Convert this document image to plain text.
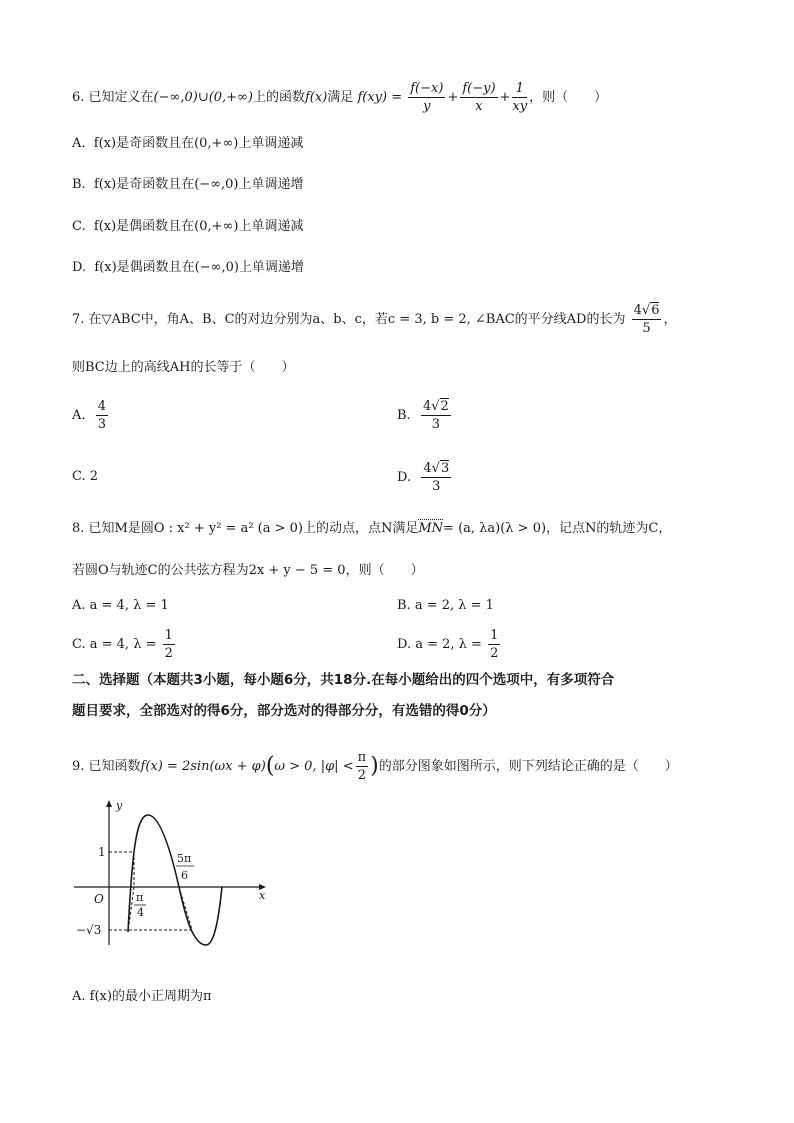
6. 已知定义在(−∞,0)∪(0,+∞)上的函数f(x)满足 $f(xy) = \frac{f(-x)}{y} + \frac{f(-y)}{x} + \frac{1}{xy}$ ，则（　　）
A. f(x)是奇函数且在(0,+∞)上单调递减
B. f(x)是奇函数且在(−∞,0)上单调递增
C. f(x)是偶函数且在(0,+∞)上单调递减
D. f(x)是偶函数且在(−∞,0)上单调递增
7. 在▽ABC中，角A、B、C的对边分别为a、b、c，若c = 3, b = 2, ∠BAC的平分线AD的长为 $\frac{4√6}{5}$ ，
则BC边上的高线AH的长等于（　　）
A. $\frac{4}{3}$	B. $\frac{4√2}{3}$
C. 2	D. $\frac{4√3}{3}$
8. 已知M是圆O : x² + y² = a² (a > 0)上的动点，点N满足MN= (a, λa)(λ > 0)，记点N的轨迹为C，
若圆O与轨迹C的公共弦方程为2x + y − 5 = 0，则（　　）
A. a = 4, λ = 1	B. a = 2, λ = 1
C. a = 4, $\lambda = \frac{1}{2}$	D. a = 2, $\lambda = \frac{1}{2}$
二、选择题（本题共3小题，每小题6分，共18分.在每小题给出的四个选项中，有多项符合
题目要求，全部选对的得6分，部分选对的得部分分，有选错的得0分）
9. 已知函数f(x) = 2sin(ωx + φ)(ω > 0, $|\varphi| < \frac{\pi}{2}$ )的部分图象如图所示，则下列结论正确的是（　　）
y
x
O
1
−√3
π
4
5π
6
A. f(x)的最小正周期为π
